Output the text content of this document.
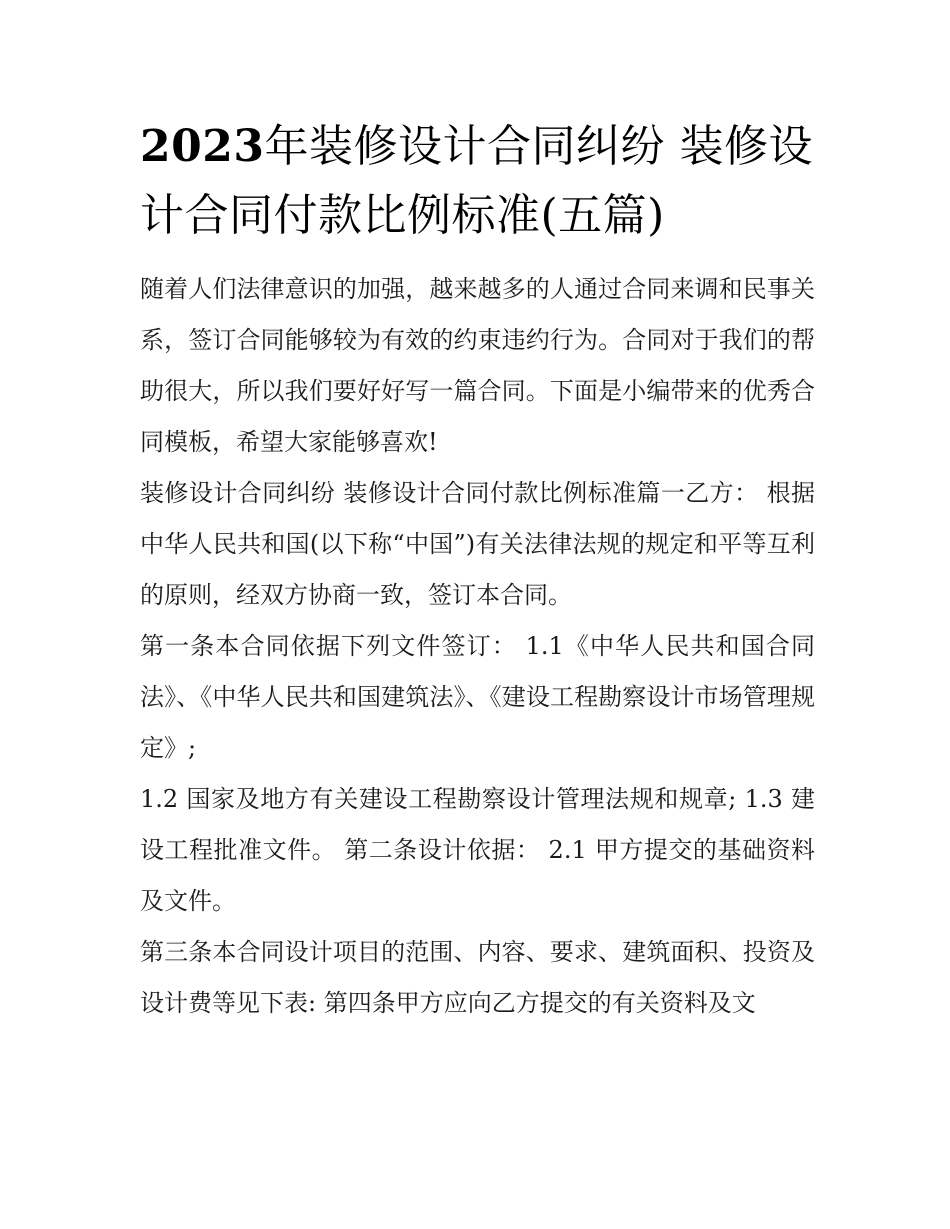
2023年装修设计合同纠纷 装修设计合同付款比例标准(五篇)

随着人们法律意识的加强，越来越多的人通过合同来调和民事关系，签订合同能够较为有效的约束违约行为。合同对于我们的帮助很大，所以我们要好好写一篇合同。下面是小编带来的优秀合同模板，希望大家能够喜欢!

装修设计合同纠纷 装修设计合同付款比例标准篇一乙方： 根据中华人民共和国(以下称“中国”)有关法律法规的规定和平等互利的原则，经双方协商一致，签订本合同。

第一条本合同依据下列文件签订： 1.1《中华人民共和国合同法》、《中华人民共和国建筑法》、《建设工程勘察设计市场管理规定》;

1.2 国家及地方有关建设工程勘察设计管理法规和规章; 1.3 建设工程批准文件。 第二条设计依据： 2.1 甲方提交的基础资料及文件。

第三条本合同设计项目的范围、内容、要求、建筑面积、投资及设计费等见下表: 第四条甲方应向乙方提交的有关资料及文
